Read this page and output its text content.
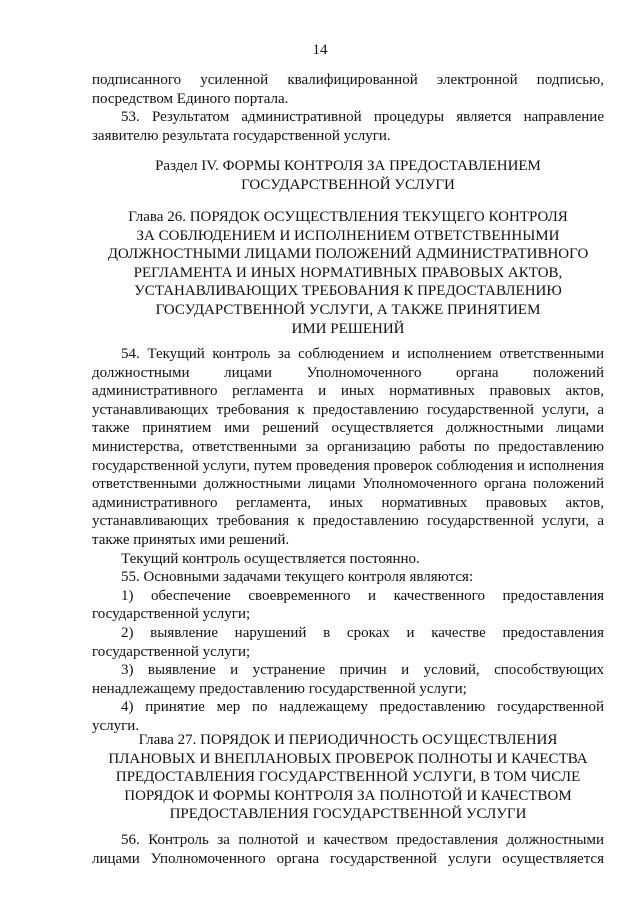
14

подписанного усиленной квалифицированной электронной подписью,

посредством Единого портала.

53. Результатом административной процедуры является направление

заявителю результата государственной услуги.

Раздел IV. ФОРМЫ КОНТРОЛЯ ЗА ПРЕДОСТАВЛЕНИЕМ

ГОСУДАРСТВЕННОЙ УСЛУГИ

Глава 26. ПОРЯДОК ОСУЩЕСТВЛЕНИЯ ТЕКУЩЕГО КОНТРОЛЯ

ЗА СОБЛЮДЕНИЕМ И ИСПОЛНЕНИЕМ ОТВЕТСТВЕННЫМИ

ДОЛЖНОСТНЫМИ ЛИЦАМИ ПОЛОЖЕНИЙ АДМИНИСТРАТИВНОГО

РЕГЛАМЕНТА И ИНЫХ НОРМАТИВНЫХ ПРАВОВЫХ АКТОВ,

УСТАНАВЛИВАЮЩИХ ТРЕБОВАНИЯ К ПРЕДОСТАВЛЕНИЮ

ГОСУДАРСТВЕННОЙ УСЛУГИ, А ТАКЖЕ ПРИНЯТИЕМ

ИМИ РЕШЕНИЙ

54. Текущий контроль за соблюдением и исполнением ответственными

должностными лицами Уполномоченного органа положений

административного регламента и иных нормативных правовых актов,

устанавливающих требования к предоставлению государственной услуги, а

также принятием ими решений осуществляется должностными лицами

министерства, ответственными за организацию работы по предоставлению

государственной услуги, путем проведения проверок соблюдения и исполнения

ответственными должностными лицами Уполномоченного органа положений

административного регламента, иных нормативных правовых актов,

устанавливающих требования к предоставлению государственной услуги, а

также принятых ими решений.

Текущий контроль осуществляется постоянно.

55. Основными задачами текущего контроля являются:

1) обеспечение своевременного и качественного предоставления

государственной услуги;

2) выявление нарушений в сроках и качестве предоставления

государственной услуги;

3) выявление и устранение причин и условий, способствующих

ненадлежащему предоставлению государственной услуги;

4) принятие мер по надлежащему предоставлению государственной

услуги.

Глава 27. ПОРЯДОК И ПЕРИОДИЧНОСТЬ ОСУЩЕСТВЛЕНИЯ

ПЛАНОВЫХ И ВНЕПЛАНОВЫХ ПРОВЕРОК ПОЛНОТЫ И КАЧЕСТВА

ПРЕДОСТАВЛЕНИЯ ГОСУДАРСТВЕННОЙ УСЛУГИ, В ТОМ ЧИСЛЕ

ПОРЯДОК И ФОРМЫ КОНТРОЛЯ ЗА ПОЛНОТОЙ И КАЧЕСТВОМ

ПРЕДОСТАВЛЕНИЯ ГОСУДАРСТВЕННОЙ УСЛУГИ

56. Контроль за полнотой и качеством предоставления должностными

лицами Уполномоченного органа государственной услуги осуществляется
